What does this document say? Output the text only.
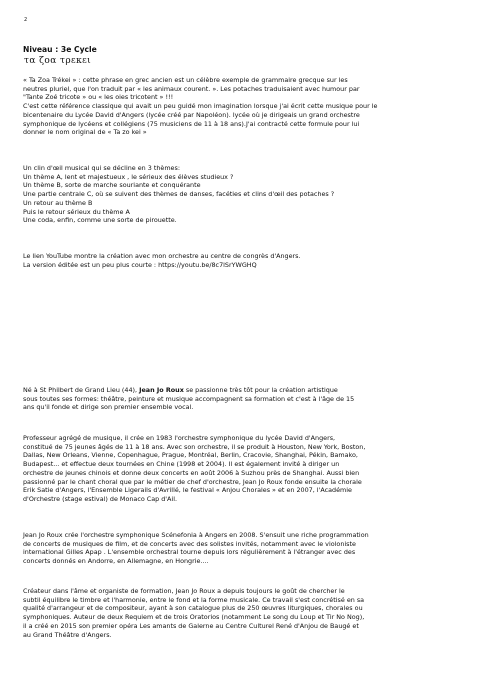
2
Niveau : 3e Cycle
τα ζοα τρεκει
« Ta Zoa Trékei » : cette phrase en grec ancien est un célèbre exemple de grammaire grecque sur les
neutres pluriel, que l'on traduit par « les animaux courent. ». Les potaches traduisaient avec humour par
"Tante Zoé tricote » ou « les oies tricotent » !!!
C'est cette référence classique qui avait un peu guidé mon imagination lorsque j'ai écrit cette musique pour le
bicentenaire du Lycée David d'Angers (lycée créé par Napoléon). lycée où je dirigeais un grand orchestre
symphonique de lycéens et collégiens (75 musiciens de 11 à 18 ans).J'ai contracté cette formule pour lui
donner le nom original de « Ta zo kei »
Un clin d'œil musical qui se décline en 3 thèmes:
Un thème A, lent et majestueux , le sérieux des élèves studieux ?
Un thème B, sorte de marche souriante et conquérante
Une partie centrale C, où se suivent des thèmes de danses, facéties et clins d'œil des potaches ?
Un retour au thème B
Puis le retour sérieux du thème A
Une coda, enfin, comme une sorte de pirouette.
Le lien YouTube montre la création avec mon orchestre au centre de congrès d'Angers.
La version éditée est un peu plus courte : https://youtu.be/8c7lSrYWGHQ
Né à St Philbert de Grand Lieu (44), Jean Jo Roux se passionne très tôt pour la création artistique
sous toutes ses formes: théâtre, peinture et musique accompagnent sa formation et c'est à l'âge de 15
ans qu'il fonde et dirige son premier ensemble vocal.
Professeur agrégé de musique, il crée en 1983 l'orchestre symphonique du lycée David d'Angers,
constitué de 75 jeunes âgés de 11 à 18 ans. Avec son orchestre, il se produit à Houston, New York, Boston,
Dallas, New Orleans, Vienne, Copenhague, Prague, Montréal, Berlin, Cracovie, Shanghai, Pékin, Bamako,
Budapest... et effectue deux tournées en Chine (1998 et 2004). Il est également invité à diriger un
orchestre de jeunes chinois et donne deux concerts en août 2006 à Suzhou près de Shanghai. Aussi bien
passionné par le chant choral que par le métier de chef d'orchestre, Jean Jo Roux fonde ensuite la chorale
Erik Satie d'Angers, l'Ensemble Ligerails d'Avrillé, le festival « Anjou Chorales » et en 2007, l'Académie
d'Orchestre (stage estival) de Monaco Cap d'Ail.
Jean Jo Roux crée l'orchestre symphonique Scénefonia à Angers en 2008. S'ensuit une riche programmation
de concerts de musiques de film, et de concerts avec des solistes invités, notamment avec le violoniste
international Gilles Apap . L'ensemble orchestral tourne depuis lors régulièrement à l'étranger avec des
concerts donnés en Andorre, en Allemagne, en Hongrie....
Créateur dans l'âme et organiste de formation, Jean Jo Roux a depuis toujours le goût de chercher le
subtil équilibre le timbre et l'harmonie, entre le fond et la forme musicale. Ce travail s'est concrétisé en sa
qualité d'arrangeur et de compositeur, ayant à son catalogue plus de 250 œuvres liturgiques, chorales ou
symphoniques. Auteur de deux Requiem et de trois Oratorios (notamment Le song du Loup et Tir No Nog),
il a créé en 2015 son premier opéra Les amants de Galerne au Centre Culturel René d'Anjou de Baugé et
au Grand Théâtre d'Angers.
